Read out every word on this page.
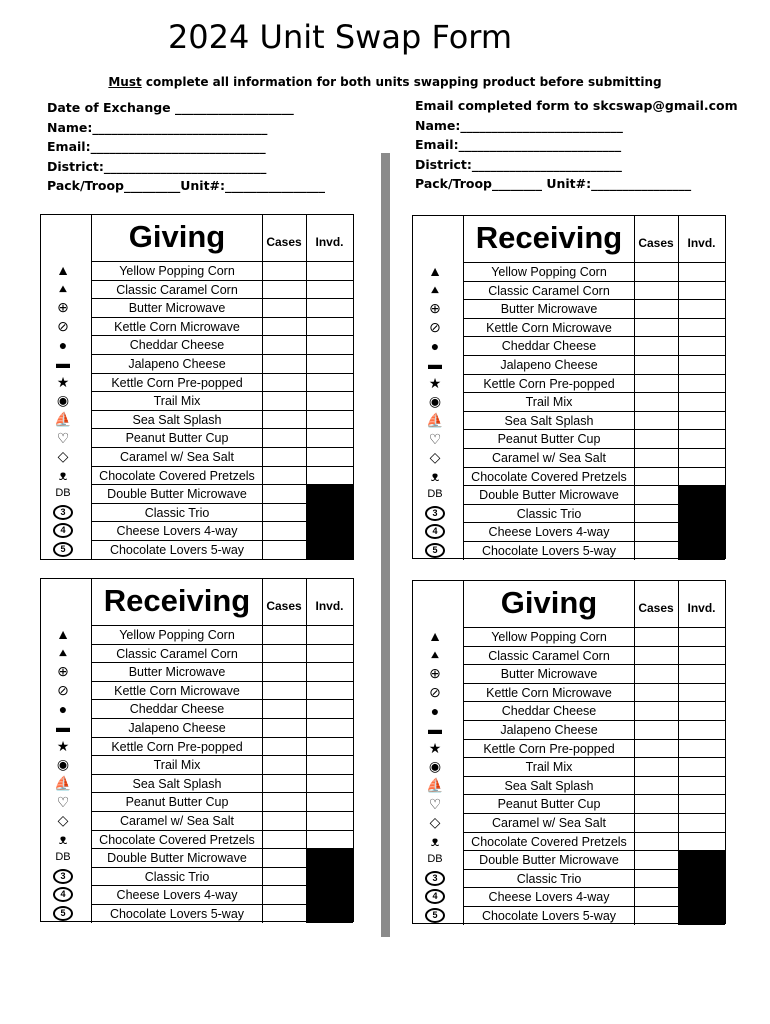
2024 Unit Swap Form
Must complete all information for both units swapping product before submitting
Date of Exchange ___________________
Name:____________________________
Email:____________________________
District:__________________________
Pack/Troop_________Unit#:________________
Email completed form to skcswap@gmail.com
Name:__________________________
Email:__________________________
District:________________________
Pack/Troop________ Unit#:________________
Giving	Cases	Invd.
▲	Yellow Popping Corn
⯅	Classic Caramel Corn
⊕	Butter Microwave
⊘	Kettle Corn Microwave
●	Cheddar Cheese
▬	Jalapeno Cheese
★	Kettle Corn Pre-popped
◉	Trail Mix
⛵	Sea Salt Splash
♡	Peanut Butter Cup
◇	Caramel w/ Sea Salt
ᴥ	Chocolate Covered Pretzels
DB	Double Butter Microwave
3	Classic Trio
4	Cheese Lovers 4-way
5	Chocolate Lovers 5-way
Receiving	Cases	Invd.
▲	Yellow Popping Corn
⯅	Classic Caramel Corn
⊕	Butter Microwave
⊘	Kettle Corn Microwave
●	Cheddar Cheese
▬	Jalapeno Cheese
★	Kettle Corn Pre-popped
◉	Trail Mix
⛵	Sea Salt Splash
♡	Peanut Butter Cup
◇	Caramel w/ Sea Salt
ᴥ	Chocolate Covered Pretzels
DB	Double Butter Microwave
3	Classic Trio
4	Cheese Lovers 4-way
5	Chocolate Lovers 5-way
Receiving	Cases	Invd.
▲	Yellow Popping Corn
⯅	Classic Caramel Corn
⊕	Butter Microwave
⊘	Kettle Corn Microwave
●	Cheddar Cheese
▬	Jalapeno Cheese
★	Kettle Corn Pre-popped
◉	Trail Mix
⛵	Sea Salt Splash
♡	Peanut Butter Cup
◇	Caramel w/ Sea Salt
ᴥ	Chocolate Covered Pretzels
DB	Double Butter Microwave
3	Classic Trio
4	Cheese Lovers 4-way
5	Chocolate Lovers 5-way
Giving	Cases	Invd.
▲	Yellow Popping Corn
⯅	Classic Caramel Corn
⊕	Butter Microwave
⊘	Kettle Corn Microwave
●	Cheddar Cheese
▬	Jalapeno Cheese
★	Kettle Corn Pre-popped
◉	Trail Mix
⛵	Sea Salt Splash
♡	Peanut Butter Cup
◇	Caramel w/ Sea Salt
ᴥ	Chocolate Covered Pretzels
DB	Double Butter Microwave
3	Classic Trio
4	Cheese Lovers 4-way
5	Chocolate Lovers 5-way
